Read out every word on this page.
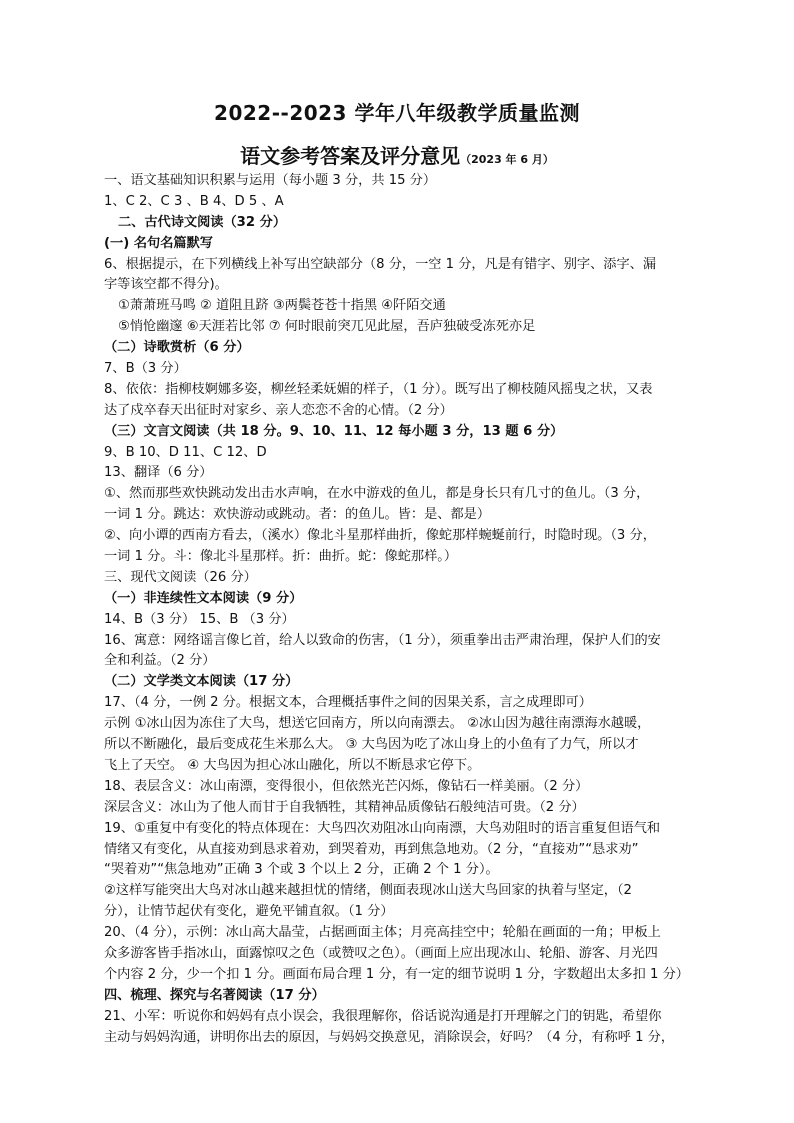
2022--2023 学年八年级教学质量监测
语文参考答案及评分意见（2023 年 6 月）
一、语文基础知识积累与运用（每小题 3 分，共 15 分）
1、C 2、C 3 、B 4、D 5 、A
二、古代诗文阅读（32 分）
(一) 名句名篇默写
6、根据提示，在下列横线上补写出空缺部分（8 分，一空 1 分，凡是有错字、别字、添字、漏
字等该空都不得分)。
①萧萧班马鸣 ② 道阻且跻 ③两鬓苍苍十指黑 ④阡陌交通
⑤悄怆幽邃 ⑥天涯若比邻 ⑦ 何时眼前突兀见此屋，吾庐独破受冻死亦足
（二）诗歌赏析（6 分）
7、B（3 分）
8、依依：指柳枝婀娜多姿，柳丝轻柔妩媚的样子，（1 分）。既写出了柳枝随风摇曳之状，又表
达了戍卒春天出征时对家乡、亲人恋恋不舍的心情。（2 分）
（三）文言文阅读（共 18 分。9、10、11、12 每小题 3 分，13 题 6 分）
9、B 10、D 11、C 12、D
13、翻译（6 分）
①、然而那些欢快跳动发出击水声响，在水中游戏的鱼儿，都是身长只有几寸的鱼儿。（3 分，
一词 1 分。跳达：欢快游动或跳动。者：的鱼儿。皆：是、都是）
②、向小谭的西南方看去，（溪水）像北斗星那样曲折，像蛇那样蜿蜒前行，时隐时现。（3 分，
一词 1 分。斗：像北斗星那样。折：曲折。蛇：像蛇那样。）
三、现代文阅读（26 分）
（一）非连续性文本阅读（9 分）
14、B（3 分） 15、B （3 分）
16、寓意：网络谣言像匕首，给人以致命的伤害，（1 分），须重拳出击严肃治理，保护人们的安
全和利益。（2 分）
（二）文学类文本阅读（17 分）
17、（4 分，一例 2 分。根据文本，合理概括事件之间的因果关系，言之成理即可）
示例 ①冰山因为冻住了大鸟，想送它回南方，所以向南漂去。 ②冰山因为越往南漂海水越暖，
所以不断融化，最后变成花生米那么大。 ③ 大鸟因为吃了冰山身上的小鱼有了力气，所以才
飞上了天空。 ④ 大鸟因为担心冰山融化，所以不断恳求它停下。
18、表层含义：冰山南漂，变得很小，但依然光芒闪烁，像钻石一样美丽。（2 分）
深层含义：冰山为了他人而甘于自我牺牲，其精神品质像钻石般纯洁可贵。（2 分）
19、①重复中有变化的特点体现在：大鸟四次劝阻冰山向南漂，大鸟劝阻时的语言重复但语气和
情绪又有变化，从直接劝到恳求着劝，到哭着劝，再到焦急地劝。（2 分，“直接劝”“恳求劝”
“哭着劝”“焦急地劝”正确 3 个或 3 个以上 2 分，正确 2 个 1 分）。
②这样写能突出大鸟对冰山越来越担忧的情绪，侧面表现冰山送大鸟回家的执着与坚定，（2
分），让情节起伏有变化，避免平铺直叙。（1 分）
20、（4 分），示例：冰山高大晶莹，占据画面主体；月亮高挂空中；轮船在画面的一角；甲板上
众多游客皆手指冰山，面露惊叹之色（或赞叹之色）。（画面上应出现冰山、轮船、游客、月光四
个内容 2 分，少一个扣 1 分。画面布局合理 1 分，有一定的细节说明 1 分，字数超出太多扣 1 分）
四、梳理、探究与名著阅读（17 分）
21、小军：听说你和妈妈有点小误会，我很理解你，俗话说沟通是打开理解之门的钥匙，希望你
主动与妈妈沟通，讲明你出去的原因，与妈妈交换意见，消除误会，好吗？（4 分，有称呼 1 分，
